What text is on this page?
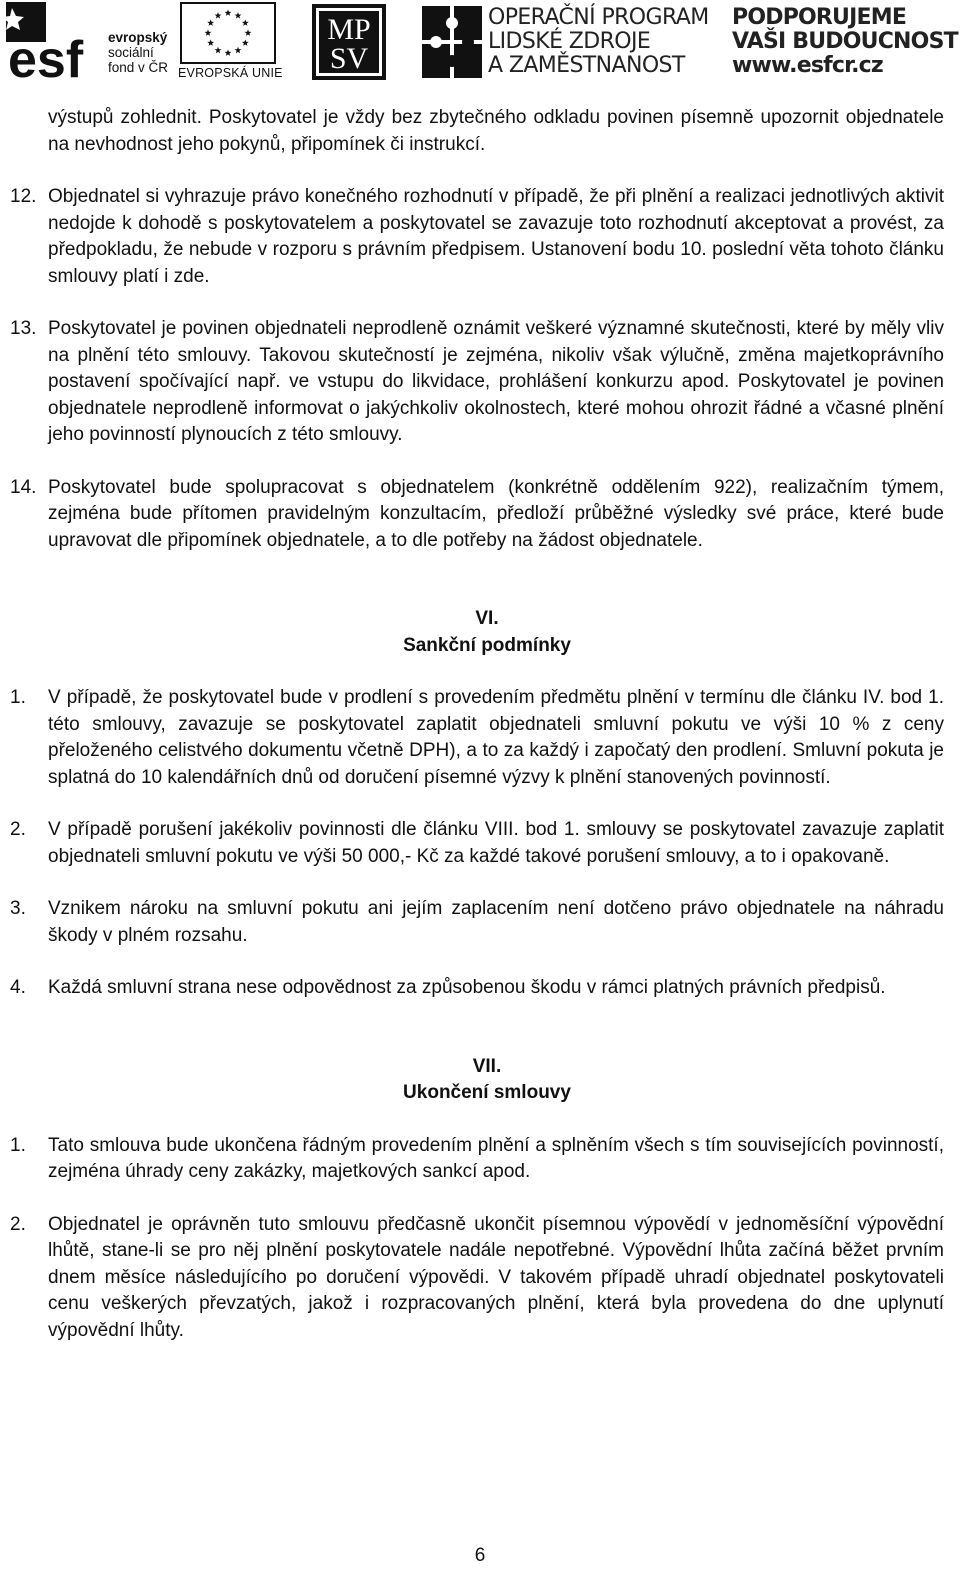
esf evropský
sociální
fond v ČR EVROPSKÁ UNIE
MP
SV
OPERAČNÍ PROGRAM
LIDSKÉ ZDROJE
A ZAMĚSTNANOST
PODPORUJEME
VAŠI BUDOUCNOST
www.esfcr.cz

výstupů zohlednit. Poskytovatel je vždy bez zbytečného odkladu povinen písemně upozornit objednatele na nevhodnost jeho pokynů, připomínek či instrukcí.

12. Objednatel si vyhrazuje právo konečného rozhodnutí v případě, že při plnění a realizaci jednotlivých aktivit nedojde k dohodě s poskytovatelem a poskytovatel se zavazuje toto rozhodnutí akceptovat a provést, za předpokladu, že nebude v rozporu s právním předpisem. Ustanovení bodu 10. poslední věta tohoto článku smlouvy platí i zde.
13. Poskytovatel je povinen objednateli neprodleně oznámit veškeré významné skutečnosti, které by měly vliv na plnění této smlouvy. Takovou skutečností je zejména, nikoliv však výlučně, změna majetkoprávního postavení spočívající např. ve vstupu do likvidace, prohlášení konkurzu apod. Poskytovatel je povinen objednatele neprodleně informovat o jakýchkoliv okolnostech, které mohou ohrozit řádné a včasné plnění jeho povinností plynoucích z této smlouvy.
14. Poskytovatel bude spolupracovat s objednatelem (konkrétně oddělením 922), realizačním týmem, zejména bude přítomen pravidelným konzultacím, předloží průběžné výsledky své práce, které bude upravovat dle připomínek objednatele, a to dle potřeby na žádost objednatele.

VI.

Sankční podmínky

1. V případě, že poskytovatel bude v prodlení s provedením předmětu plnění v termínu dle článku IV. bod 1. této smlouvy, zavazuje se poskytovatel zaplatit objednateli smluvní pokutu ve výši 10 % z ceny přeloženého celistvého dokumentu včetně DPH), a to za každý i započatý den prodlení. Smluvní pokuta je splatná do 10 kalendářních dnů od doručení písemné výzvy k plnění stanovených povinností.
2. V případě porušení jakékoliv povinnosti dle článku VIII. bod 1. smlouvy se poskytovatel zavazuje zaplatit objednateli smluvní pokutu ve výši 50 000,- Kč za každé takové porušení smlouvy, a to i opakovaně.
3. Vznikem nároku na smluvní pokutu ani jejím zaplacením není dotčeno právo objednatele na náhradu škody v plném rozsahu.
4. Každá smluvní strana nese odpovědnost za způsobenou škodu v rámci platných právních předpisů.

VII.

Ukončení smlouvy

1. Tato smlouva bude ukončena řádným provedením plnění a splněním všech s tím souvisejících povinností, zejména úhrady ceny zakázky, majetkových sankcí apod.
2. Objednatel je oprávněn tuto smlouvu předčasně ukončit písemnou výpovědí v jednoměsíční výpovědní lhůtě, stane-li se pro něj plnění poskytovatele nadále nepotřebné. Výpovědní lhůta začíná běžet prvním dnem měsíce následujícího po doručení výpovědi. V takovém případě uhradí objednatel poskytovateli cenu veškerých převzatých, jakož i rozpracovaných plnění, která byla provedena do dne uplynutí výpovědní lhůty.
6
